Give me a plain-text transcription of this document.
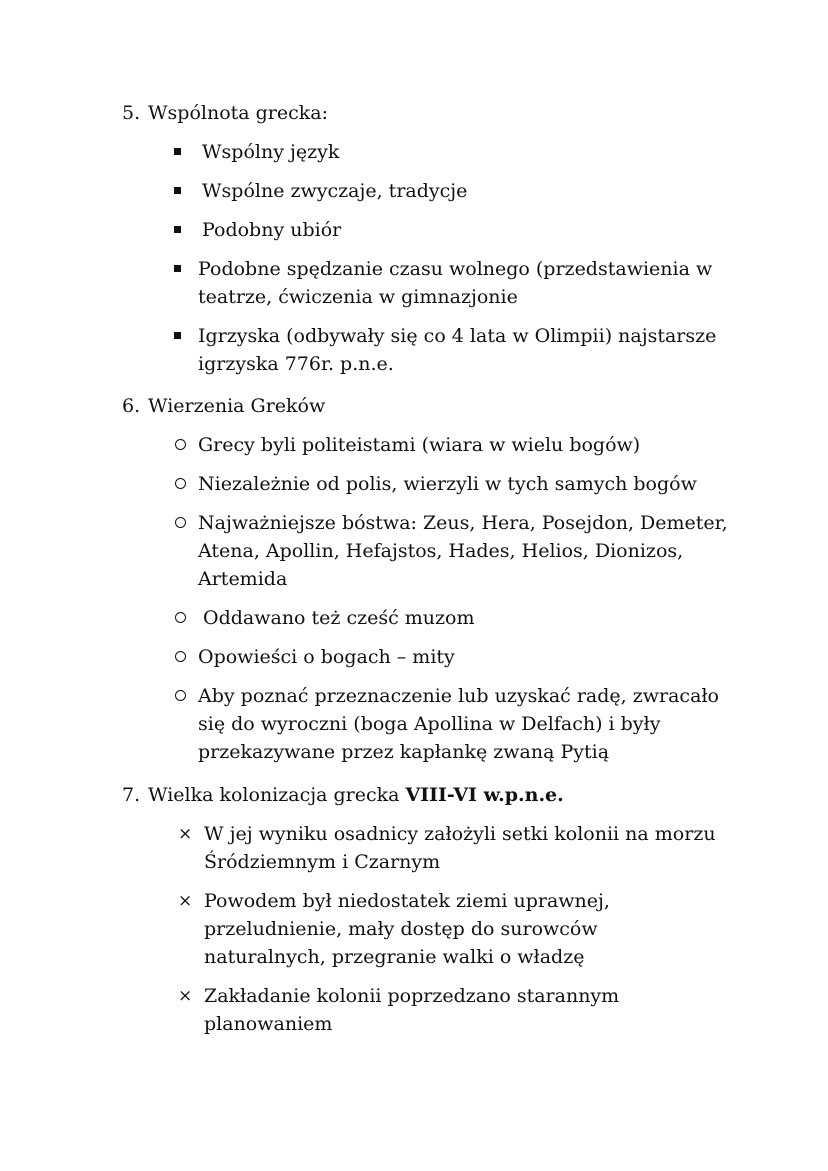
5. Wspólnota grecka:

Wspólny język
Wspólne zwyczaje, tradycje
Podobny ubiór
Podobne spędzanie czasu wolnego (przedstawienia w teatrze, ćwiczenia w gimnazjonie
Igrzyska (odbywały się co 4 lata w Olimpii) najstarsze igrzyska 776r. p.n.e.

6. Wierzenia Greków

Grecy byli politeistami (wiara w wielu bogów)
Niezależnie od polis, wierzyli w tych samych bogów
Najważniejsze bóstwa: Zeus, Hera, Posejdon, Demeter, Atena, Apollin, Hefajstos, Hades, Helios, Dionizos, Artemida
Oddawano też cześć muzom
Opowieści o bogach – mity
Aby poznać przeznaczenie lub uzyskać radę, zwracało się do wyroczni (boga Apollina w Delfach) i były przekazywane przez kapłankę zwaną Pytią

7. Wielka kolonizacja grecka VIII-VI w.p.n.e.

× W jej wyniku osadnicy założyli setki kolonii na morzu Śródziemnym i Czarnym
× Powodem był niedostatek ziemi uprawnej, przeludnienie, mały dostęp do surowców naturalnych, przegranie walki o władzę
× Zakładanie kolonii poprzedzano starannym planowaniem
